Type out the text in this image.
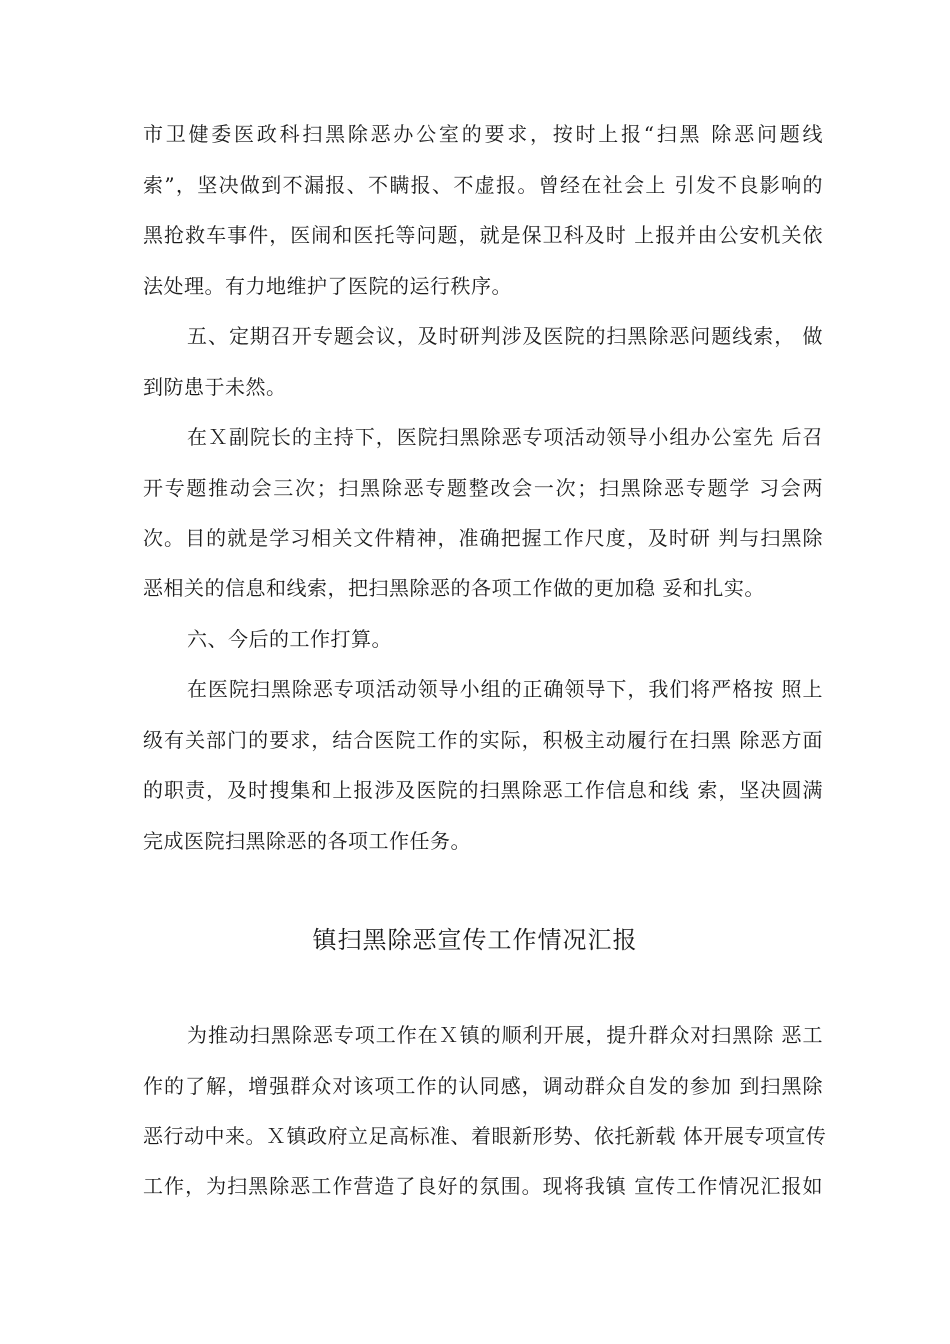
市卫健委医政科扫黑除恶办公室的要求，按时上报“扫黑 除恶问题线
索”，坚决做到不漏报、不瞒报、不虚报。曾经在社会上 引发不良影响的
黑抢救车事件，医闹和医托等问题，就是保卫科及时 上报并由公安机关依
法处理。有力地维护了医院的运行秩序。
五、定期召开专题会议，及时研判涉及医院的扫黑除恶问题线索， 做
到防患于未然。
在Ｘ副院长的主持下，医院扫黑除恶专项活动领导小组办公室先 后召
开专题推动会三次；扫黑除恶专题整改会一次；扫黑除恶专题学 习会两
次。目的就是学习相关文件精神，准确把握工作尺度，及时研 判与扫黑除
恶相关的信息和线索，把扫黑除恶的各项工作做的更加稳 妥和扎实。
六、今后的工作打算。
在医院扫黑除恶专项活动领导小组的正确领导下，我们将严格按 照上
级有关部门的要求，结合医院工作的实际，积极主动履行在扫黑 除恶方面
的职责，及时搜集和上报涉及医院的扫黑除恶工作信息和线 索，坚决圆满
完成医院扫黑除恶的各项工作任务。
镇扫黑除恶宣传工作情况汇报
为推动扫黑除恶专项工作在Ｘ镇的顺利开展，提升群众对扫黑除 恶工
作的了解，增强群众对该项工作的认同感，调动群众自发的参加 到扫黑除
恶行动中来。Ｘ镇政府立足高标准、着眼新形势、依托新载 体开展专项宣传
工作，为扫黑除恶工作营造了良好的氛围。现将我镇 宣传工作情况汇报如
